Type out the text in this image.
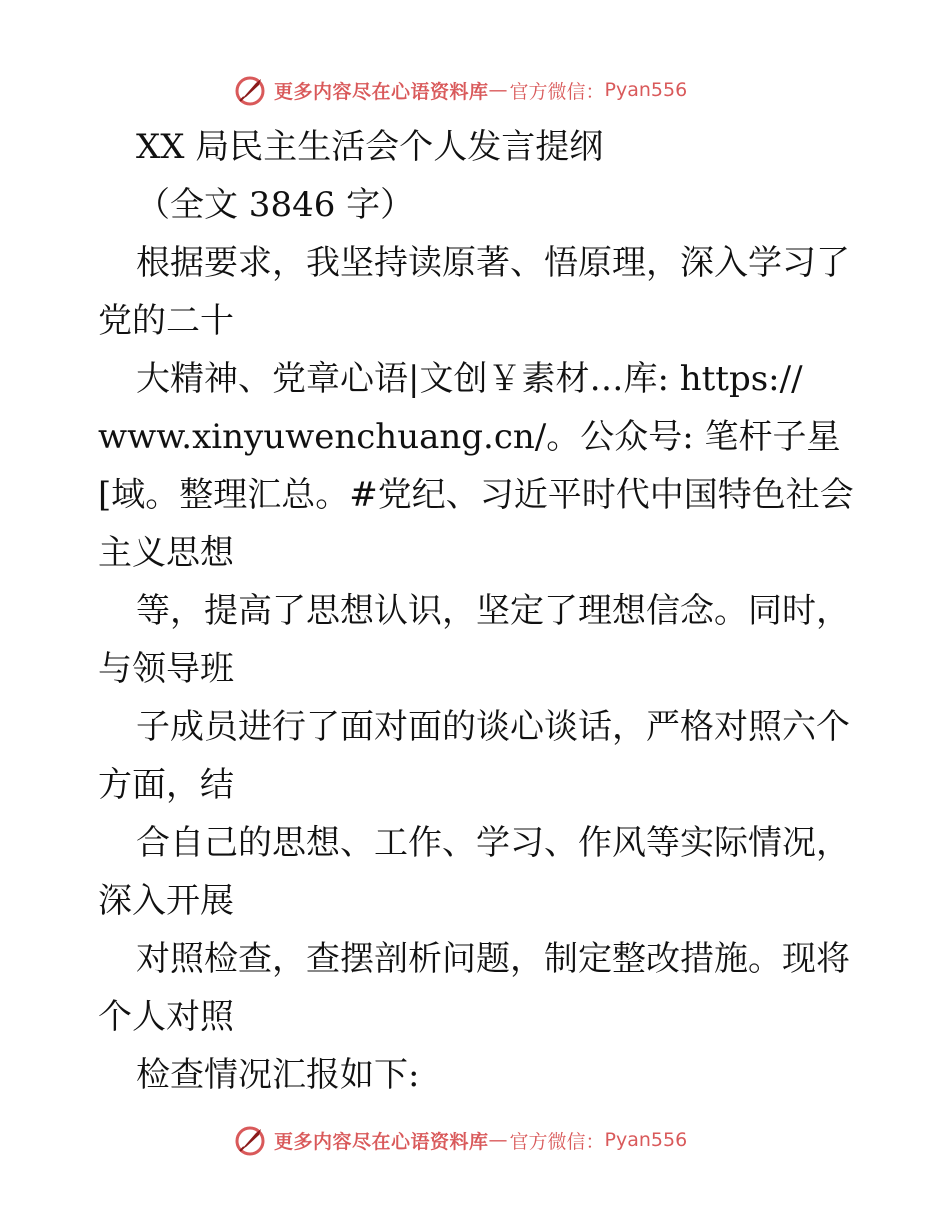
更多内容尽在心语资料库 — 官方微信： Pyan556

XX 局民主生活会个人发言提纲

（全文 3846 字）

根据要求，我坚持读原著、悟原理，深入学习了

党的二十

大精神、党章心语|文创￥素材…库: https://

www.xinyuwenchuang.cn/。公众号: 笔杆子星

[域。整理汇总。#党纪、习近平时代中国特色社会

主义思想

等，提高了思想认识，坚定了理想信念。同时，

与领导班

子成员进行了面对面的谈心谈话，严格对照六个

方面，结

合自己的思想、工作、学习、作风等实际情况，

深入开展

对照检查，查摆剖析问题，制定整改措施。现将

个人对照

检查情况汇报如下:

更多内容尽在心语资料库 — 官方微信： Pyan556
